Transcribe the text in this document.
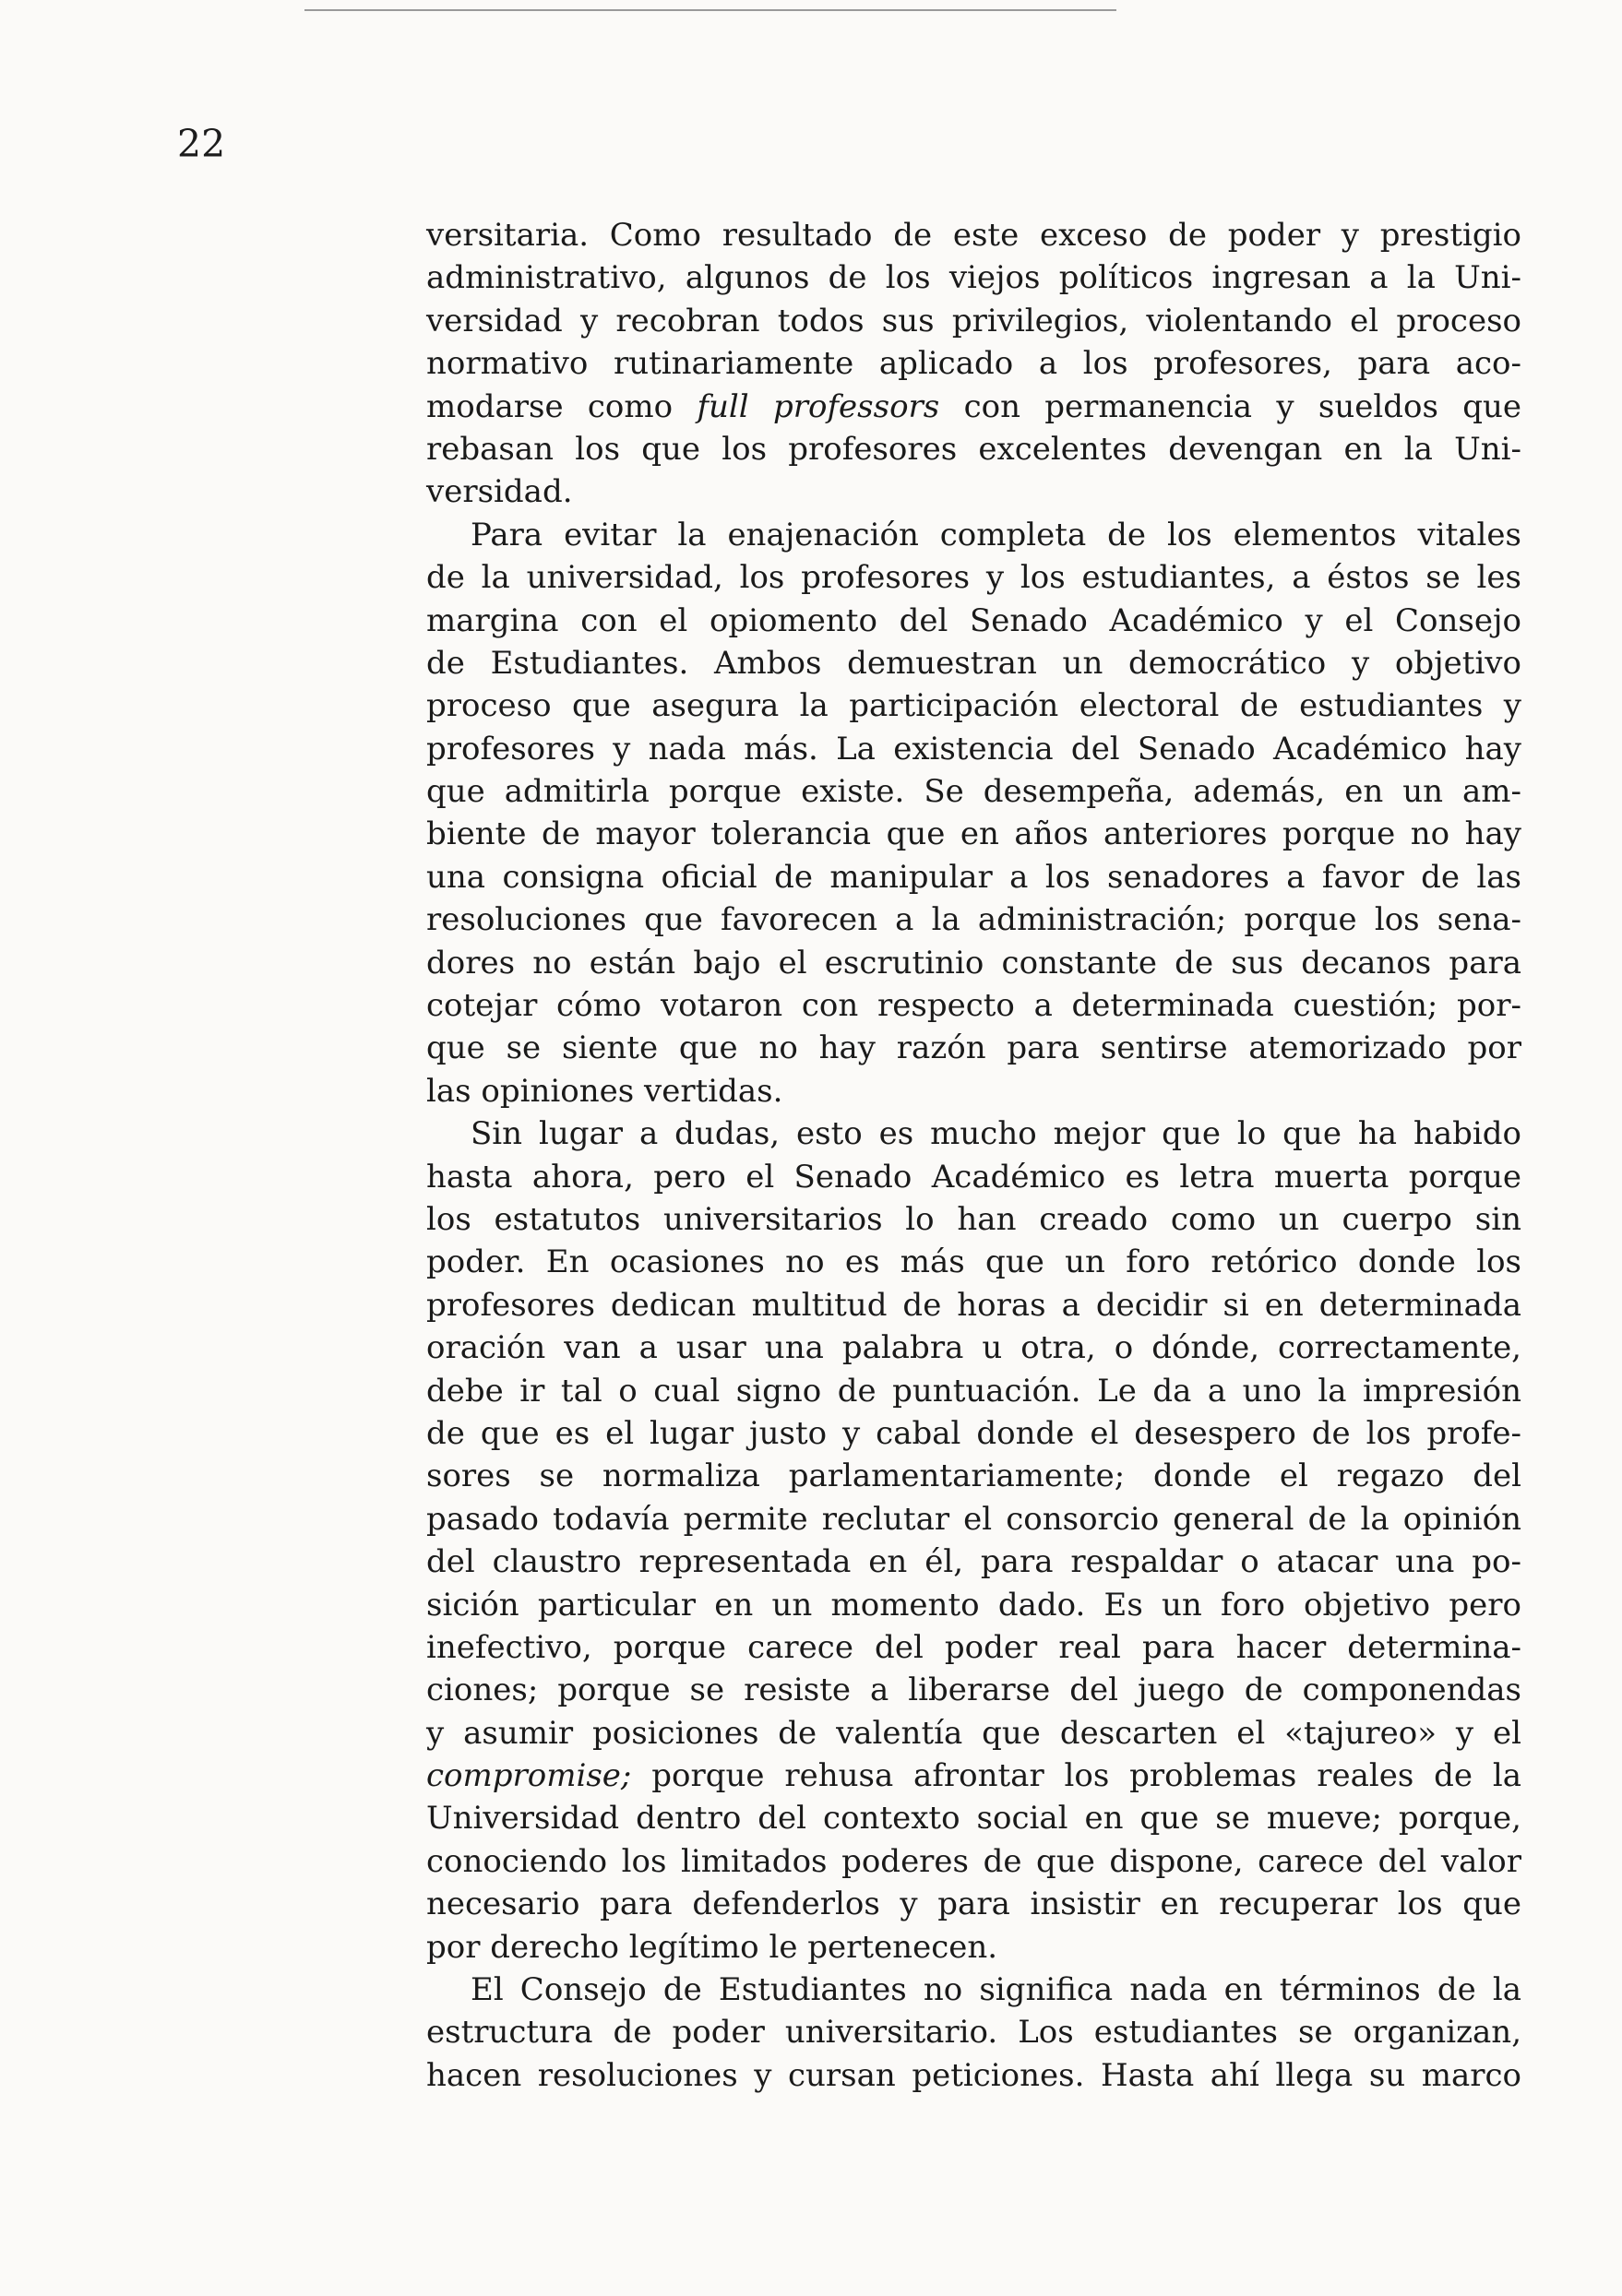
22

versitaria. Como resultado de este exceso de poder y prestigio
administrativo, algunos de los viejos políticos ingresan a la Uni-
versidad y recobran todos sus privilegios, violentando el proceso
normativo rutinariamente aplicado a los profesores, para aco-
modarse como full professors con permanencia y sueldos que
rebasan los que los profesores excelentes devengan en la Uni-
versidad.
Para evitar la enajenación completa de los elementos vitales
de la universidad, los profesores y los estudiantes, a éstos se les
margina con el opiomento del Senado Académico y el Consejo
de Estudiantes. Ambos demuestran un democrático y objetivo
proceso que asegura la participación electoral de estudiantes y
profesores y nada más. La existencia del Senado Académico hay
que admitirla porque existe. Se desempeña, además, en un am-
biente de mayor tolerancia que en años anteriores porque no hay
una consigna oficial de manipular a los senadores a favor de las
resoluciones que favorecen a la administración; porque los sena-
dores no están bajo el escrutinio constante de sus decanos para
cotejar cómo votaron con respecto a determinada cuestión; por-
que se siente que no hay razón para sentirse atemorizado por
las opiniones vertidas.
Sin lugar a dudas, esto es mucho mejor que lo que ha habido
hasta ahora, pero el Senado Académico es letra muerta porque
los estatutos universitarios lo han creado como un cuerpo sin
poder. En ocasiones no es más que un foro retórico donde los
profesores dedican multitud de horas a decidir si en determinada
oración van a usar una palabra u otra, o dónde, correctamente,
debe ir tal o cual signo de puntuación. Le da a uno la impresión
de que es el lugar justo y cabal donde el desespero de los profe-
sores se normaliza parlamentariamente; donde el regazo del
pasado todavía permite reclutar el consorcio general de la opinión
del claustro representada en él, para respaldar o atacar una po-
sición particular en un momento dado. Es un foro objetivo pero
inefectivo, porque carece del poder real para hacer determina-
ciones; porque se resiste a liberarse del juego de componendas
y asumir posiciones de valentía que descarten el «tajureo» y el
compromise; porque rehusa afrontar los problemas reales de la
Universidad dentro del contexto social en que se mueve; porque,
conociendo los limitados poderes de que dispone, carece del valor
necesario para defenderlos y para insistir en recuperar los que
por derecho legítimo le pertenecen.
El Consejo de Estudiantes no significa nada en términos de la
estructura de poder universitario. Los estudiantes se organizan,
hacen resoluciones y cursan peticiones. Hasta ahí llega su marco
